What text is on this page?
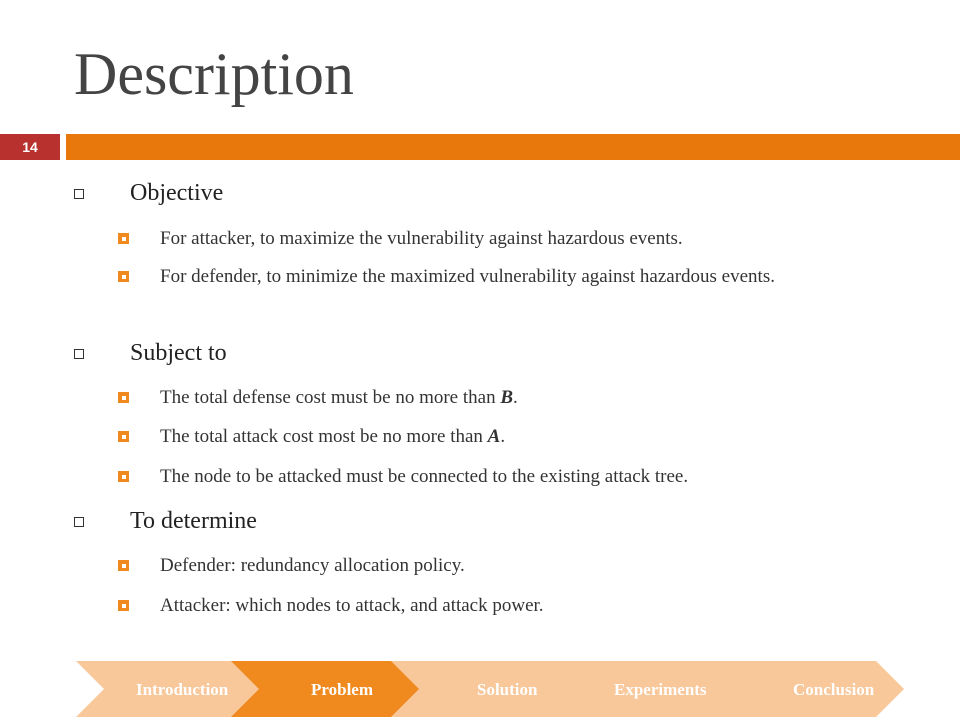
Description
14
Objective
For attacker, to maximize the vulnerability against hazardous events.
For defender, to minimize the maximized vulnerability against hazardous events.
Subject to
The total defense cost must be no more than B.
The total attack cost most be no more than A.
The node to be attacked must be connected to the existing attack tree.
To determine
Defender: redundancy allocation policy.
Attacker: which nodes to attack, and attack power.
Introduction	Problem	Solution	Experiments	Conclusion
